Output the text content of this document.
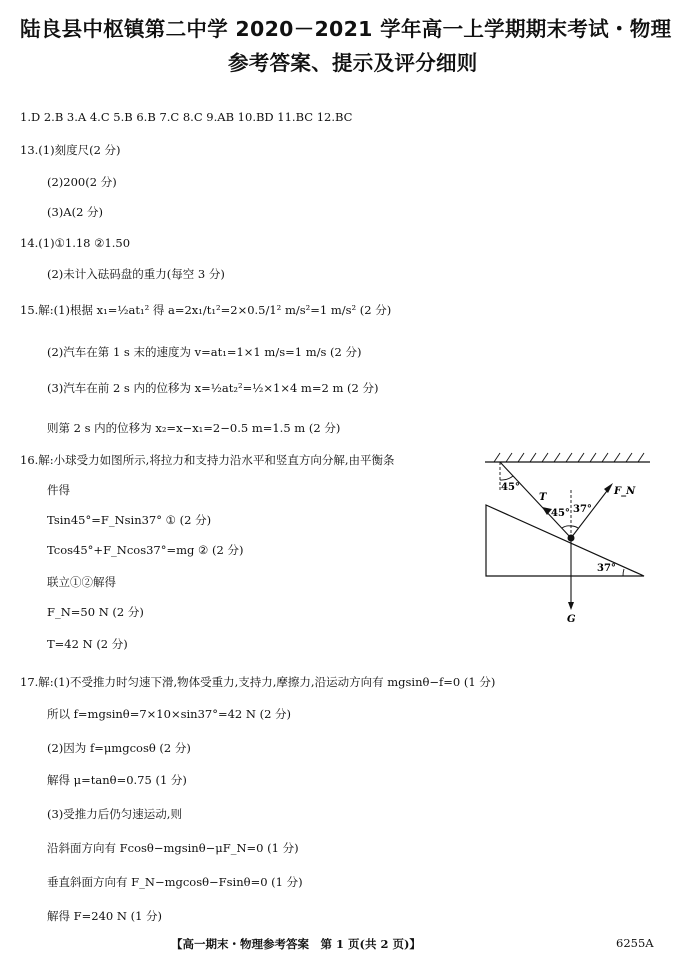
陆良县中枢镇第二中学 2020－2021 学年高一上学期期末考试・物理
参考答案、提示及评分细则
1.D 2.B 3.A 4.C 5.B 6.B 7.C 8.C 9.AB 10.BD 11.BC 12.BC
13.(1)刻度尺(2 分)
(2)200(2 分)
(3)A(2 分)
14.(1)①1.18 ②1.50
(2)未计入砝码盘的重力(每空 3 分)
15.解:(1)根据 x₁=½at₁² 得 a=2x₁/t₁²=2×0.5/1² m/s²=1 m/s² (2 分)
(2)汽车在第 1 s 末的速度为 v=at₁=1×1 m/s=1 m/s (2 分)
(3)汽车在前 2 s 内的位移为 x=½at₂²=½×1×4 m=2 m (2 分)
则第 2 s 内的位移为 x₂=x−x₁=2−0.5 m=1.5 m (2 分)
16.解:小球受力如图所示,将拉力和支持力沿水平和竖直方向分解,由平衡条
件得
Tsin45°=F_Nsin37° ① (2 分)
Tcos45°+F_Ncos37°=mg ② (2 分)
联立①②解得
F_N=50 N (2 分)
T=42 N (2 分)
45°
T
45° 37°
F_N
37°
G
17.解:(1)不受推力时匀速下滑,物体受重力,支持力,摩擦力,沿运动方向有 mgsinθ−f=0 (1 分)
所以 f=mgsinθ=7×10×sin37°=42 N (2 分)
(2)因为 f=μmgcosθ (2 分)
解得 μ=tanθ=0.75 (1 分)
(3)受推力后仍匀速运动,则
沿斜面方向有 Fcosθ−mgsinθ−μF_N=0 (1 分)
垂直斜面方向有 F_N−mgcosθ−Fsinθ=0 (1 分)
解得 F=240 N (1 分)
【高一期末・物理参考答案　第 1 页(共 2 页)】	6255A
